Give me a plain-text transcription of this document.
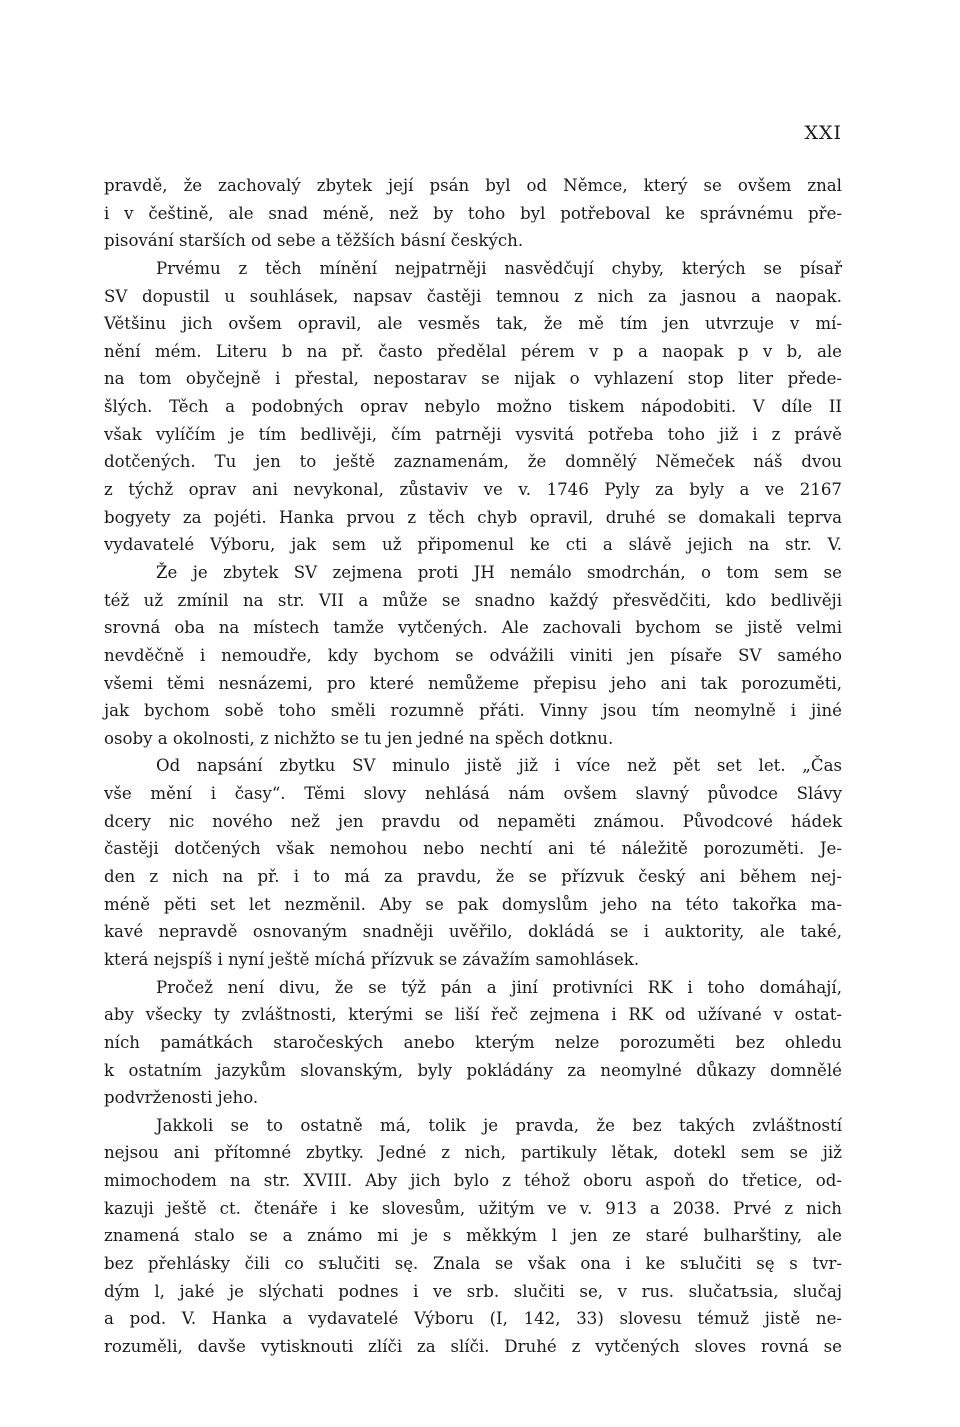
XXI
pravdě, že zachovalý zbytek její psán byl od Němce, který se ovšem znal
i v češtině, ale snad méně, než by toho byl potřeboval ke správnému pře-
pisování starších od sebe a těžších básní českých.
Prvému z těch mínění nejpatrněji nasvědčují chyby, kterých se písař
SV dopustil u souhlásek, napsav častěji temnou z nich za jasnou a naopak.
Většinu jich ovšem opravil, ale vesměs tak, že mě tím jen utvrzuje v mí-
nění mém. Literu b na př. často předělal pérem v p a naopak p v b, ale
na tom obyčejně i přestal, nepostarav se nijak o vyhlazení stop liter přede-
šlých. Těch a podobných oprav nebylo možno tiskem nápodobiti. V díle II
však vylíčím je tím bedlivěji, čím patrněji vysvitá potřeba toho již i z právě
dotčených. Tu jen to ještě zaznamenám, že domnělý Němeček náš dvou
z týchž oprav ani nevykonal, zůstaviv ve v. 1746 Pyly za byly a ve 2167
bogyety za pojéti. Hanka prvou z těch chyb opravil, druhé se domakali teprva
vydavatelé Výboru, jak sem už připomenul ke cti a slávě jejich na str. V.
Že je zbytek SV zejmena proti JH nemálo smodrchán, o tom sem se
též už zmínil na str. VII a může se snadno každý přesvědčiti, kdo bedlivěji
srovná oba na místech tamže vytčených. Ale zachovali bychom se jistě velmi
nevděčně i nemoudře, kdy bychom se odvážili viniti jen písaře SV samého
všemi těmi nesnázemi, pro které nemůžeme přepisu jeho ani tak porozuměti,
jak bychom sobě toho směli rozumně přáti. Vinny jsou tím neomylně i jiné
osoby a okolnosti, z nichžto se tu jen jedné na spěch dotknu.
Od napsání zbytku SV minulo jistě již i více než pět set let. „Čas
vše mění i časy“. Těmi slovy nehlásá nám ovšem slavný původce Slávy
dcery nic nového než jen pravdu od nepaměti známou. Původcové hádek
častěji dotčených však nemohou nebo nechtí ani té náležitě porozuměti. Je-
den z nich na př. i to má za pravdu, že se přízvuk český ani během nej-
méně pěti set let nezměnil. Aby se pak domyslům jeho na této takořka ma-
kavé nepravdě osnovaným snadněji uvěřilo, dokládá se i auktority, ale také,
která nejspíš i nyní ještě míchá přízvuk se závažím samohlásek.
Pročež není divu, že se týž pán a jiní protivníci RK i toho domáhají,
aby všecky ty zvláštnosti, kterými se liší řeč zejmena i RK od užívané v ostat-
ních památkách staročeských anebo kterým nelze porozuměti bez ohledu
k ostatním jazykům slovanským, byly pokládány za neomylné důkazy domnělé
podvrženosti jeho.
Jakkoli se to ostatně má, tolik je pravda, že bez takých zvláštností
nejsou ani přítomné zbytky. Jedné z nich, partikuly lětak, dotekl sem se již
mimochodem na str. XVIII. Aby jich bylo z téhož oboru aspoň do třetice, od-
kazuji ještě ct. čtenáře i ke slovesům, užitým ve v. 913 a 2038. Prvé z nich
znamená stalo se a známo mi je s měkkým l jen ze staré bulharštiny, ale
bez přehlásky čili co sъlučiti sę. Znala se však ona i ke sъlučiti sę s tvr-
dým l, jaké je slýchati podnes i ve srb. slučiti se, v rus. slučatъsia, slučaj
a pod. V. Hanka a vydavatelé Výboru (I, 142, 33) slovesu témuž jistě ne-
rozuměli, davše vytisknouti zlíči za slíči. Druhé z vytčených sloves rovná se
